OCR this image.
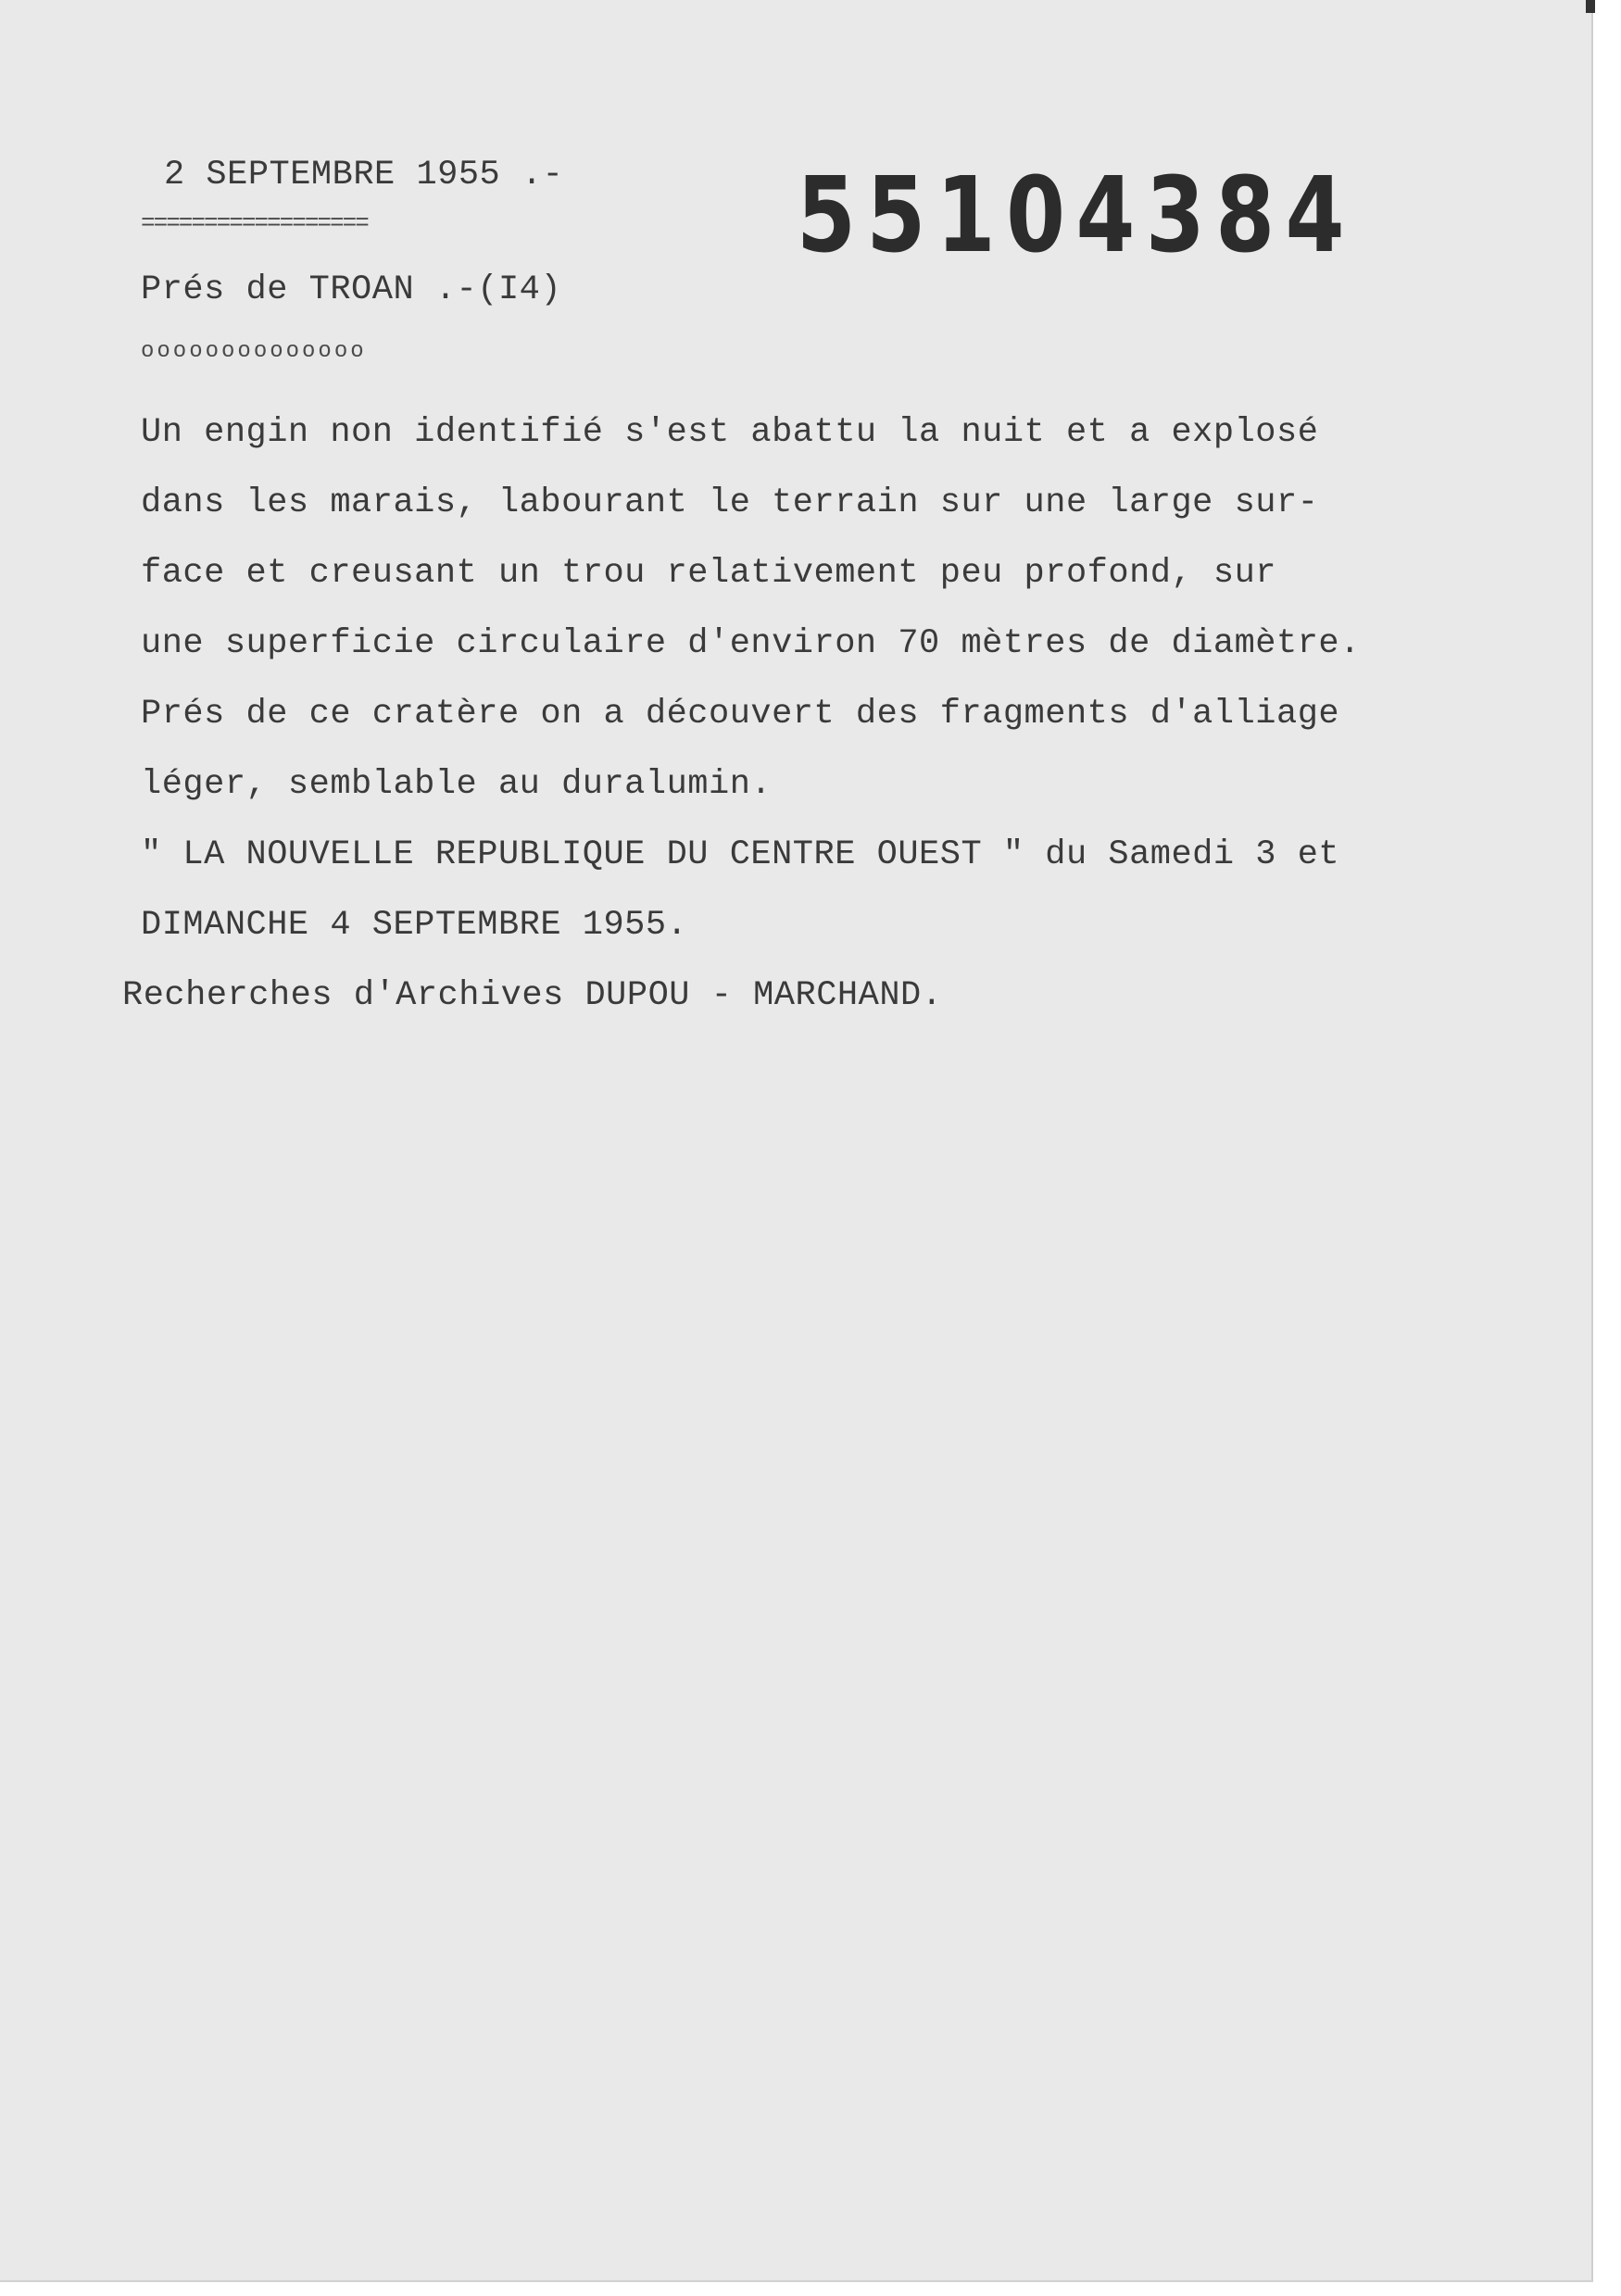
2 SEPTEMBRE 1955 .-
==================
Prés de TROAN .-(I4)
oooooooooooooo
55104384
Un engin non identifié s'est abattu la nuit et a explosé
dans les marais, labourant le terrain sur une large sur-
face et creusant un trou relativement peu profond, sur
une superficie circulaire d'environ 70 mètres de diamètre.
Prés de ce cratère on a découvert des fragments d'alliage
léger, semblable au duralumin.
" LA NOUVELLE REPUBLIQUE DU CENTRE OUEST " du Samedi 3 et
DIMANCHE 4 SEPTEMBRE 1955.
Recherches d'Archives DUPOU - MARCHAND.
